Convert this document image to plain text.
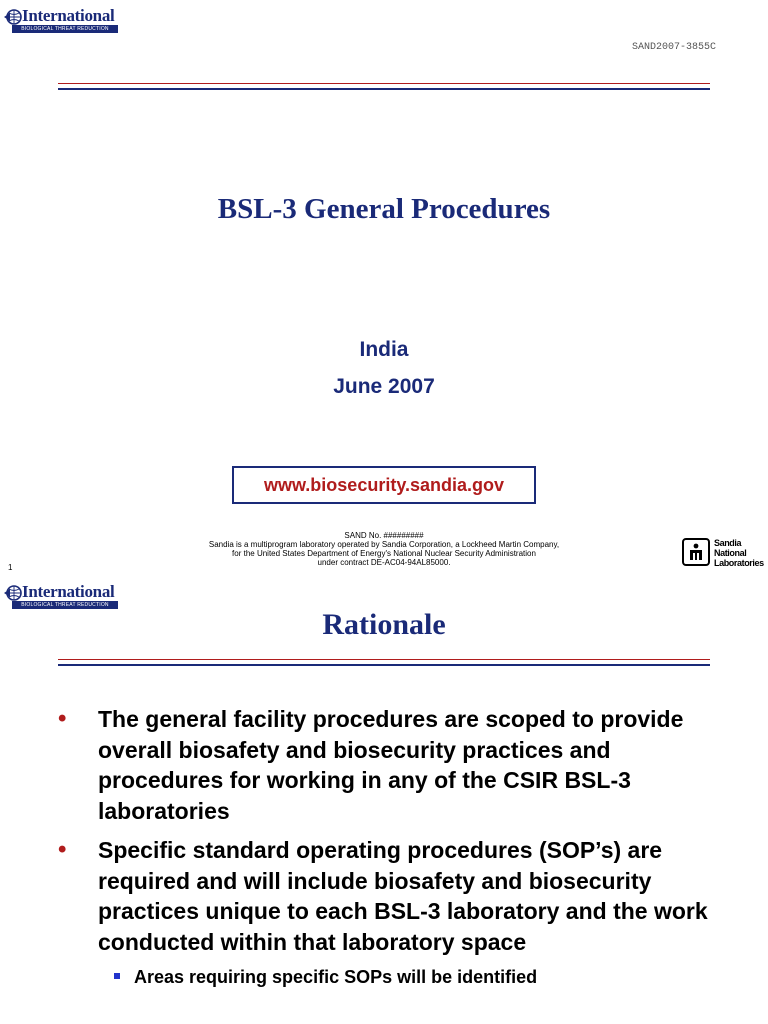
International
BIOLOGICAL THREAT REDUCTION
SAND2007-3855C
BSL-3 General Procedures
India
June 2007
www.biosecurity.sandia.gov
SAND No. #########
Sandia is a multiprogram laboratory operated by Sandia Corporation, a Lockheed Martin Company,
for the United States Department of Energy's National Nuclear Security Administration
under contract DE-AC04-94AL85000.
1
Sandia
National
Laboratories
International
BIOLOGICAL THREAT REDUCTION
Rationale
• The general facility procedures are scoped to provide overall biosafety and biosecurity practices and procedures for working in any of the CSIR BSL-3 laboratories
• Specific standard operating procedures (SOP’s) are required and will include biosafety and biosecurity practices unique to each BSL-3 laboratory and the work conducted within that laboratory space
Areas requiring specific SOPs will be identified
